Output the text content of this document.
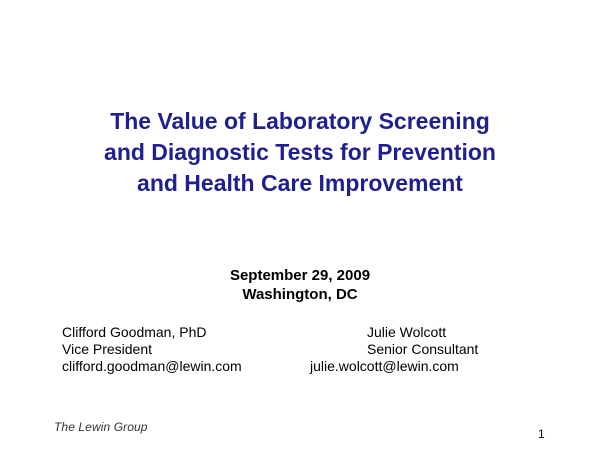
The Value of Laboratory Screening
and Diagnostic Tests for Prevention
and Health Care Improvement
September 29, 2009
Washington, DC
Clifford Goodman, PhD
Vice President
clifford.goodman@lewin.com
Julie Wolcott
Senior Consultant
julie.wolcott@lewin.com
The Lewin Group	1
